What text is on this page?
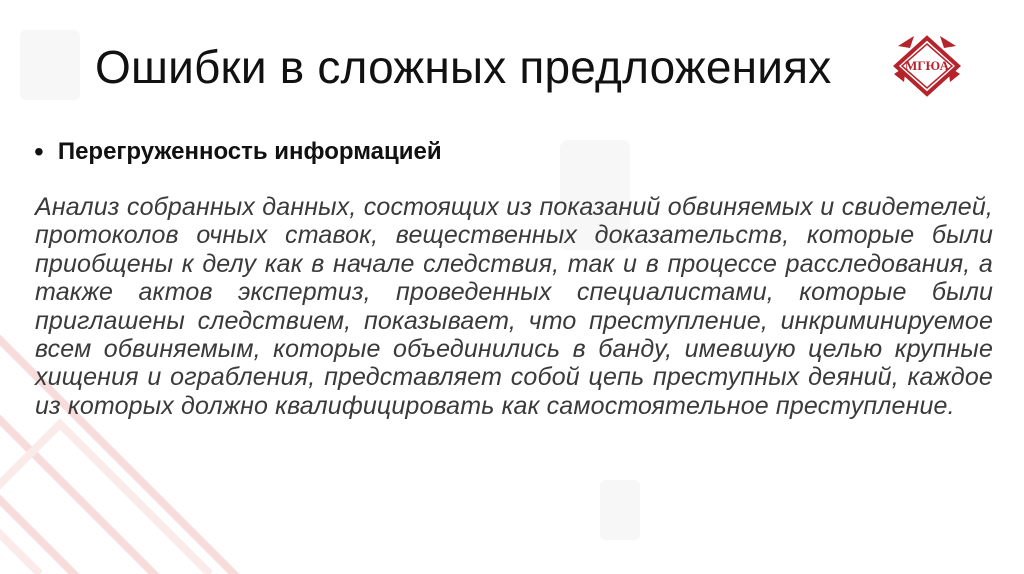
МГЮА
Ошибки в сложных предложениях
• Перегруженность информацией

Анализ собранных данных, состоящих из показаний обвиняемых и свидетелей, протоколов очных ставок, вещественных доказательств, которые были приобщены к делу как в начале следствия, так и в процессе расследования, а также актов экспертиз, проведенных специалистами, которые были приглашены следствием, показывает, что преступление, инкриминируемое всем обвиняемым, которые объединились в банду, имевшую целью крупные хищения и ограбления, представляет собой цепь преступных деяний, каждое из которых должно квалифицировать как самостоятельное преступление.
